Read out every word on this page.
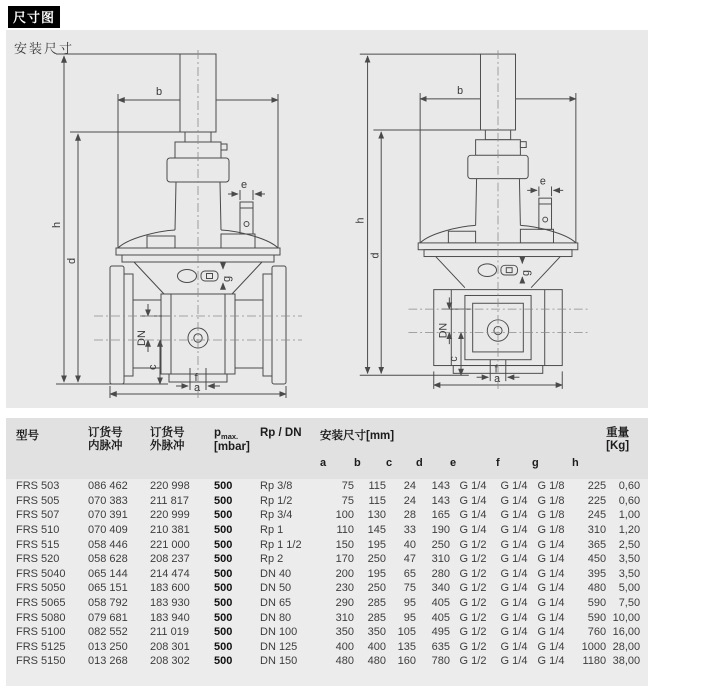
尺寸图
安装尺寸
b
h
d
e
g
DN
c
a
f
b
h
d
e
g
DN
c
a
f
型号	订货号
内脉冲	订货号
外脉冲	$p_{max.}$
[mbar]	Rp / DN	安装尺寸[mm]								重量
[Kg]

					a	b	c	d	e	f	g	h	
FRS 503	086 462	220 998	500	Rp 3/8	75	115	24	143	G 1/4	G 1/4	G 1/8	225	0,60
FRS 505	070 383	211 817	500	Rp 1/2	75	115	24	143	G 1/4	G 1/4	G 1/8	225	0,60
FRS 507	070 391	220 999	500	Rp 3/4	100	130	28	165	G 1/4	G 1/4	G 1/8	245	1,00
FRS 510	070 409	210 381	500	Rp 1	110	145	33	190	G 1/4	G 1/4	G 1/8	310	1,20
FRS 515	058 446	221 000	500	Rp 1 1/2	150	195	40	250	G 1/2	G 1/4	G 1/4	365	2,50
FRS 520	058 628	208 237	500	Rp 2	170	250	47	310	G 1/2	G 1/4	G 1/4	450	3,50
FRS 5040	065 144	214 474	500	DN 40	200	195	65	280	G 1/2	G 1/4	G 1/4	395	3,50
FRS 5050	065 151	183 600	500	DN 50	230	250	75	340	G 1/2	G 1/4	G 1/4	480	5,00
FRS 5065	058 792	183 930	500	DN 65	290	285	95	405	G 1/2	G 1/4	G 1/4	590	7,50
FRS 5080	079 681	183 940	500	DN 80	310	285	95	405	G 1/2	G 1/4	G 1/4	590	10,00
FRS 5100	082 552	211 019	500	DN 100	350	350	105	495	G 1/2	G 1/4	G 1/4	760	16,00
FRS 5125	013 250	208 301	500	DN 125	400	400	135	635	G 1/2	G 1/4	G 1/4	1000	28,00
FRS 5150	013 268	208 302	500	DN 150	480	480	160	780	G 1/2	G 1/4	G 1/4	1180	38,00
